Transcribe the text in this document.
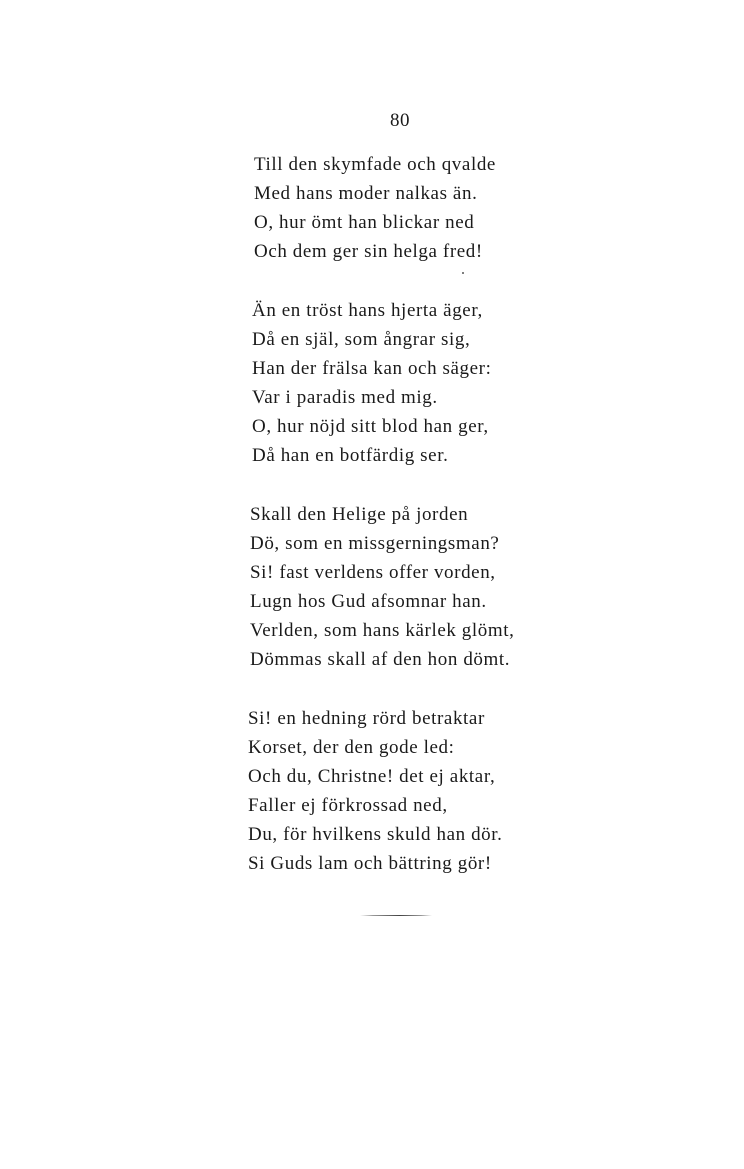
80
Till den skymfade och qvalde
Med hans moder nalkas än.
O, hur ömt han blickar ned
Och dem ger sin helga fred!
Än en tröst hans hjerta äger,
Då en själ, som ångrar sig,
Han der frälsa kan och säger:
Var i paradis med mig.
O, hur nöjd sitt blod han ger,
Då han en botfärdig ser.
Skall den Helige på jorden
Dö, som en missgerningsman?
Si! fast verldens offer vorden,
Lugn hos Gud afsomnar han.
Verlden, som hans kärlek glömt,
Dömmas skall af den hon dömt.
Si! en hedning rörd betraktar
Korset, der den gode led:
Och du, Christne! det ej aktar,
Faller ej förkrossad ned,
Du, för hvilkens skuld han dör.
Si Guds lam och bättring gör!
